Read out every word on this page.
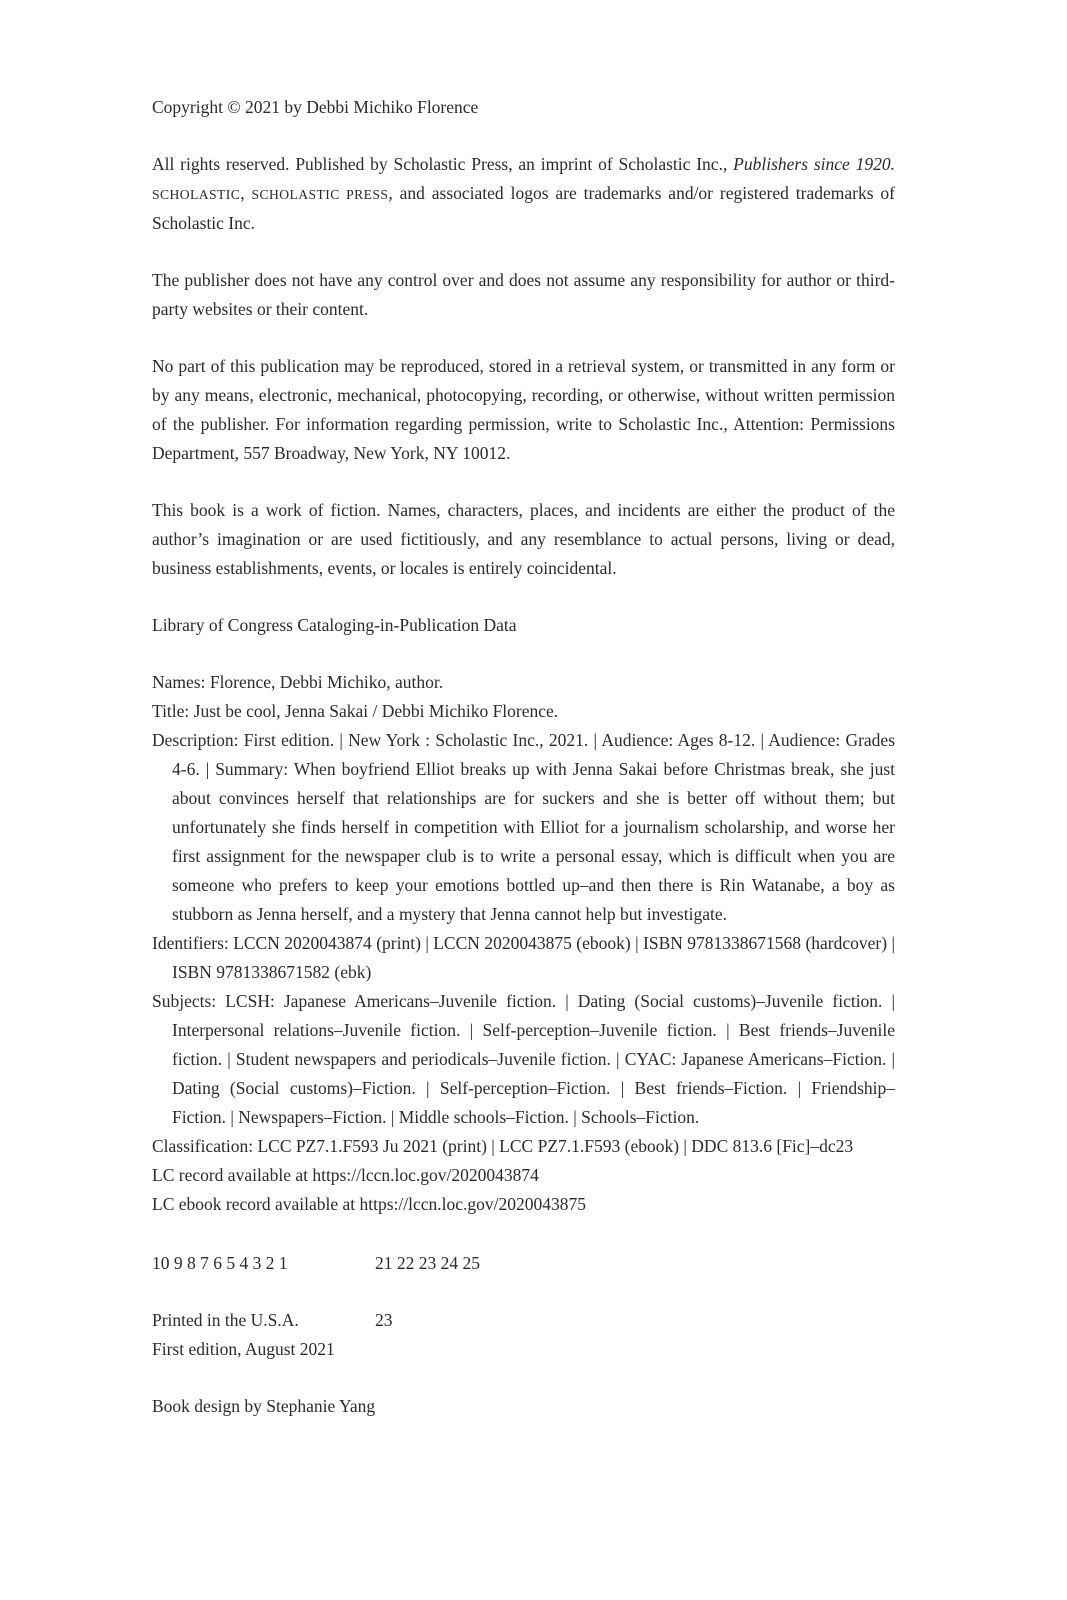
Copyright © 2021 by Debbi Michiko Florence

All rights reserved. Published by Scholastic Press, an imprint of Scholastic Inc., Publishers since 1920. SCHOLASTIC, SCHOLASTIC PRESS, and associated logos are trademarks and/or registered trademarks of Scholastic Inc.

The publisher does not have any control over and does not assume any responsibility for author or third-party websites or their content.

No part of this publication may be reproduced, stored in a retrieval system, or transmitted in any form or by any means, electronic, mechanical, photocopying, recording, or otherwise, without written permission of the publisher. For information regarding permission, write to Scholastic Inc., Attention: Permissions Department, 557 Broadway, New York, NY 10012.

This book is a work of fiction. Names, characters, places, and incidents are either the product of the author’s imagination or are used fictitiously, and any resemblance to actual persons, living or dead, business establishments, events, or locales is entirely coincidental.

Library of Congress Cataloging-in-Publication Data

Names: Florence, Debbi Michiko, author.

Title: Just be cool, Jenna Sakai / Debbi Michiko Florence.

Description: First edition. | New York : Scholastic Inc., 2021. | Audience: Ages 8-12. | Audience: Grades 4-6. | Summary: When boyfriend Elliot breaks up with Jenna Sakai before Christmas break, she just about convinces herself that relationships are for suckers and she is better off without them; but unfortunately she finds herself in competition with Elliot for a journalism scholarship, and worse her first assignment for the newspaper club is to write a personal essay, which is difficult when you are someone who prefers to keep your emotions bottled up–and then there is Rin Watanabe, a boy as stubborn as Jenna herself, and a mystery that Jenna cannot help but investigate.

Identifiers: LCCN 2020043874 (print) | LCCN 2020043875 (ebook) | ISBN 9781338671568 (hardcover) | ISBN 9781338671582 (ebk)

Subjects: LCSH: Japanese Americans–Juvenile fiction. | Dating (Social customs)–Juvenile fiction. | Interpersonal relations–Juvenile fiction. | Self-perception–Juvenile fiction. | Best friends–Juvenile fiction. | Student newspapers and periodicals–Juvenile fiction. | CYAC: Japanese Americans–Fiction. | Dating (Social customs)–Fiction. | Self-perception–Fiction. | Best friends–Fiction. | Friendship–Fiction. | Newspapers–Fiction. | Middle schools–Fiction. | Schools–Fiction.

Classification: LCC PZ7.1.F593 Ju 2021 (print) | LCC PZ7.1.F593 (ebook) | DDC 813.6 [Fic]–dc23

LC record available at https://lccn.loc.gov/2020043874

LC ebook record available at https://lccn.loc.gov/2020043875

10 9 8 7 6 5 4 3 2 1	21 22 23 24 25

Printed in the U.S.A.	23

First edition, August 2021

Book design by Stephanie Yang
